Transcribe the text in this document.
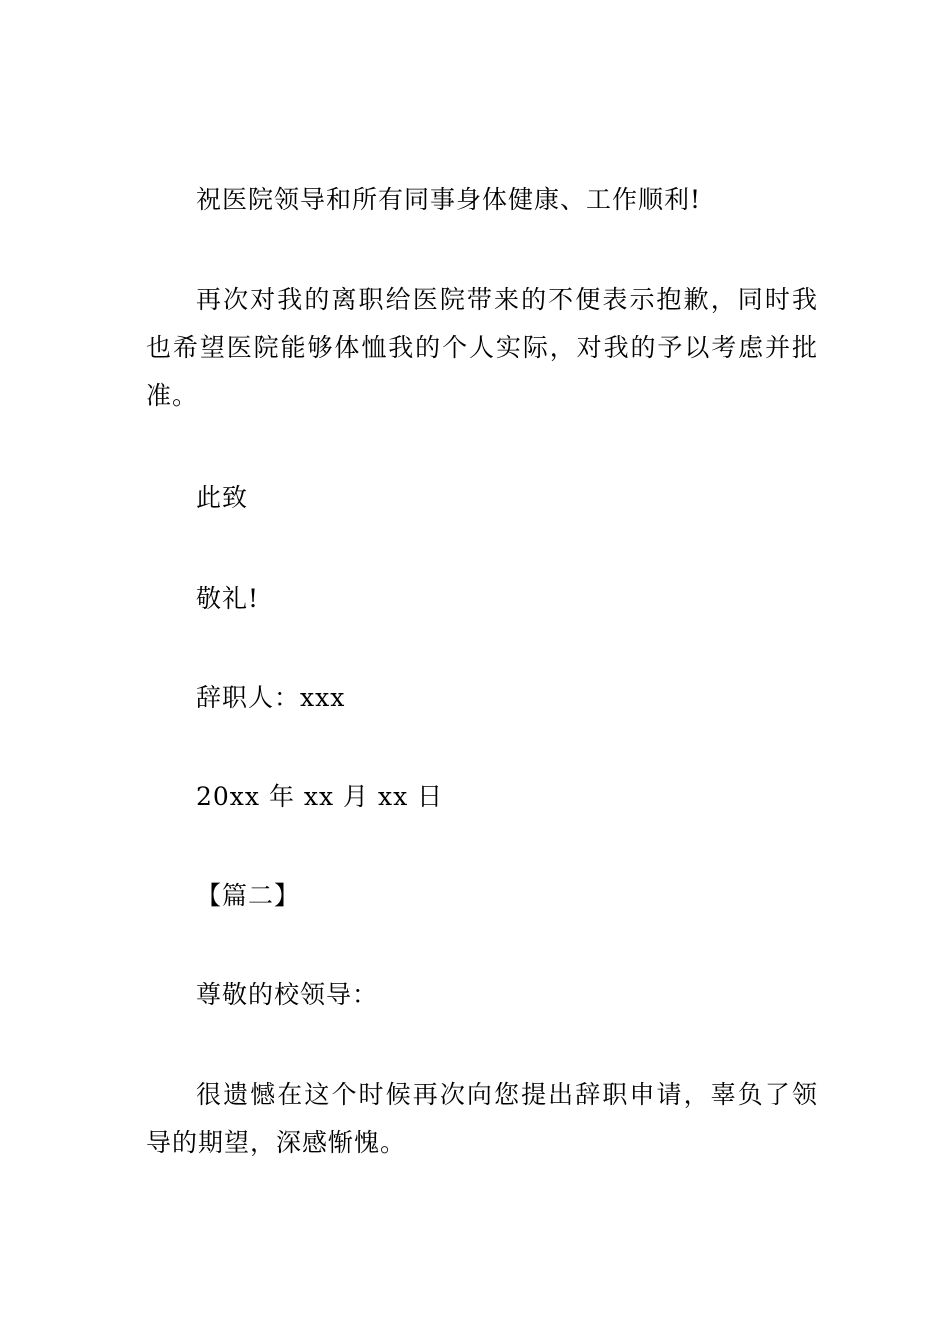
祝医院领导和所有同事身体健康、工作顺利!

再次对我的离职给医院带来的不便表示抱歉，同时我也希望医院能够体恤我的个人实际，对我的予以考虑并批准。

此致

敬礼!

辞职人：xxx

20xx 年 xx 月 xx 日

【篇二】

尊敬的校领导：

很遗憾在这个时候再次向您提出辞职申请，辜负了领导的期望，深感惭愧。
